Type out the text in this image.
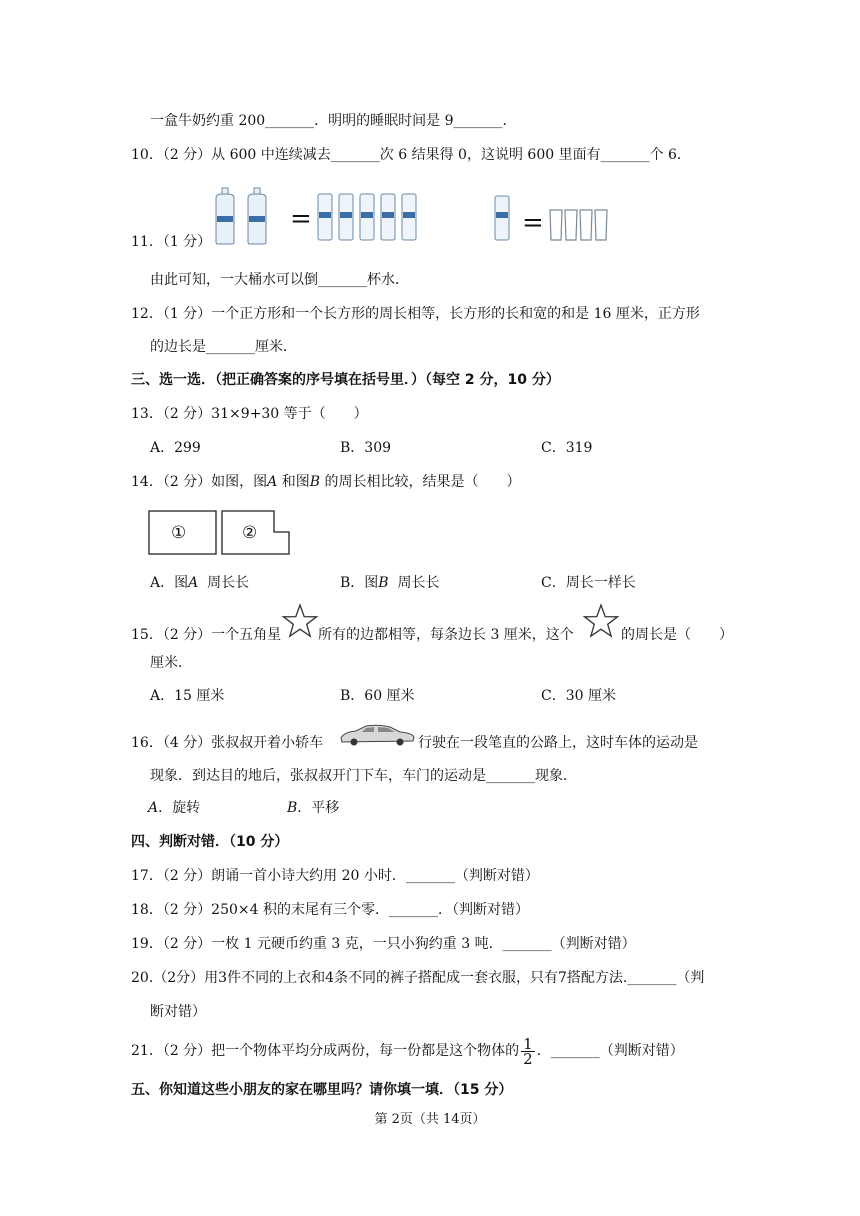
一盒牛奶约重 200_______．明明的睡眠时间是 9_______．
10．（2 分）从 600 中连续减去_______次 6 结果得 0，这说明 600 里面有_______个 6．
11．（1 分）
=	=
由此可知，一大桶水可以倒_______杯水．
12．（1 分）一个正方形和一个长方形的周长相等，长方形的长和宽的和是 16 厘米，正方形
的边长是_______厘米．
三、选一选．（把正确答案的序号填在括号里．）（每空 2 分，10 分）
13．（2 分）31×9+30 等于（　　）
A．299	B．309	C．319
14．（2 分）如图，图A 和图B 的周长相比较，结果是（　　）
①	②
A．图A  周长长	B．图B  周长长	C．周长一样长
15．（2 分）一个五角星	所有的边都相等，每条边长 3 厘米，这个	的周长是（　　）
厘米．
A．15 厘米	B．60 厘米	C．30 厘米
16．（4 分）张叔叔开着小轿车	行驶在一段笔直的公路上，这时车体的运动是
现象．到达目的地后，张叔叔开门下车，车门的运动是_______现象．
A．旋转	B．平移
四、判断对错．（10 分）
17．（2 分）朗诵一首小诗大约用 20 小时．_______（判断对错）
18．（2 分）250×4 积的末尾有三个零．_______．（判断对错）
19．（2 分）一枚 1 元硬币约重 3 克，一只小狗约重 3 吨．_______（判断对错）
20.（2分）用3件不同的上衣和4条不同的裤子搭配成一套衣服，只有7搭配方法._______（判
断对错）
21．（2 分）把一个物体平均分成两份，每一份都是这个物体的 $\frac{1}{2}$ ．_______（判断对错）
五、你知道这些小朋友的家在哪里吗？请你填一填．（15 分）
第 2页（共 14页）
